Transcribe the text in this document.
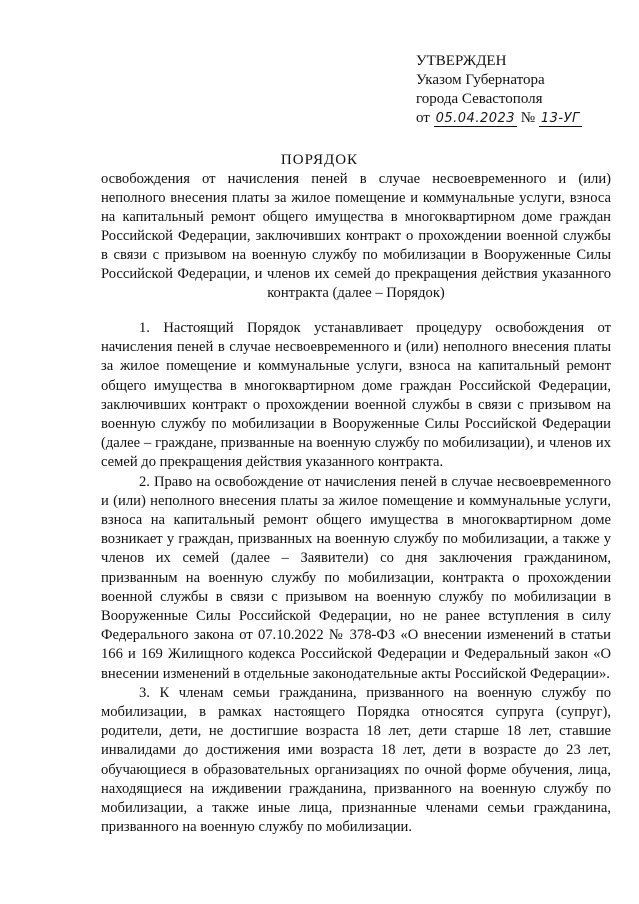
УТВЕРЖДЕН
Указом Губернатора
города Севастополя
от 05.04.2023 № 13-УГ
ПОРЯДОК
освобождения от начисления пеней в случае несвоевременного и (или) неполного внесения платы за жилое помещение и коммунальные услуги, взноса на капитальный ремонт общего имущества в многоквартирном доме граждан Российской Федерации, заключивших контракт о прохождении военной службы в связи с призывом на военную службу по мобилизации в Вооруженные Силы Российской Федерации, и членов их семей до прекращения действия указанного контракта (далее – Порядок)

1. Настоящий Порядок устанавливает процедуру освобождения от начисления пеней в случае несвоевременного и (или) неполного внесения платы за жилое помещение и коммунальные услуги, взноса на капитальный ремонт общего имущества в многоквартирном доме граждан Российской Федерации, заключивших контракт о прохождении военной службы в связи с призывом на военную службу по мобилизации в Вооруженные Силы Российской Федерации (далее – граждане, призванные на военную службу по мобилизации), и членов их семей до прекращения действия указанного контракта.

2. Право на освобождение от начисления пеней в случае несвоевременного и (или) неполного внесения платы за жилое помещение и коммунальные услуги, взноса на капитальный ремонт общего имущества в многоквартирном доме возникает у граждан, призванных на военную службу по мобилизации, а также у членов их семей (далее – Заявители) со дня заключения гражданином, призванным на военную службу по мобилизации, контракта о прохождении военной службы в связи с призывом на военную службу по мобилизации в Вооруженные Силы Российской Федерации, но не ранее вступления в силу Федерального закона от 07.10.2022 № 378-ФЗ «О внесении изменений в статьи 166 и 169 Жилищного кодекса Российской Федерации и Федеральный закон «О внесении изменений в отдельные законодательные акты Российской Федерации».

3. К членам семьи гражданина, призванного на военную службу по мобилизации, в рамках настоящего Порядка относятся супруга (супруг), родители, дети, не достигшие возраста 18 лет, дети старше 18 лет, ставшие инвалидами до достижения ими возраста 18 лет, дети в возрасте до 23 лет, обучающиеся в образовательных организациях по очной форме обучения, лица, находящиеся на иждивении гражданина, призванного на военную службу по мобилизации, а также иные лица, признанные членами семьи гражданина, призванного на военную службу по мобилизации.
